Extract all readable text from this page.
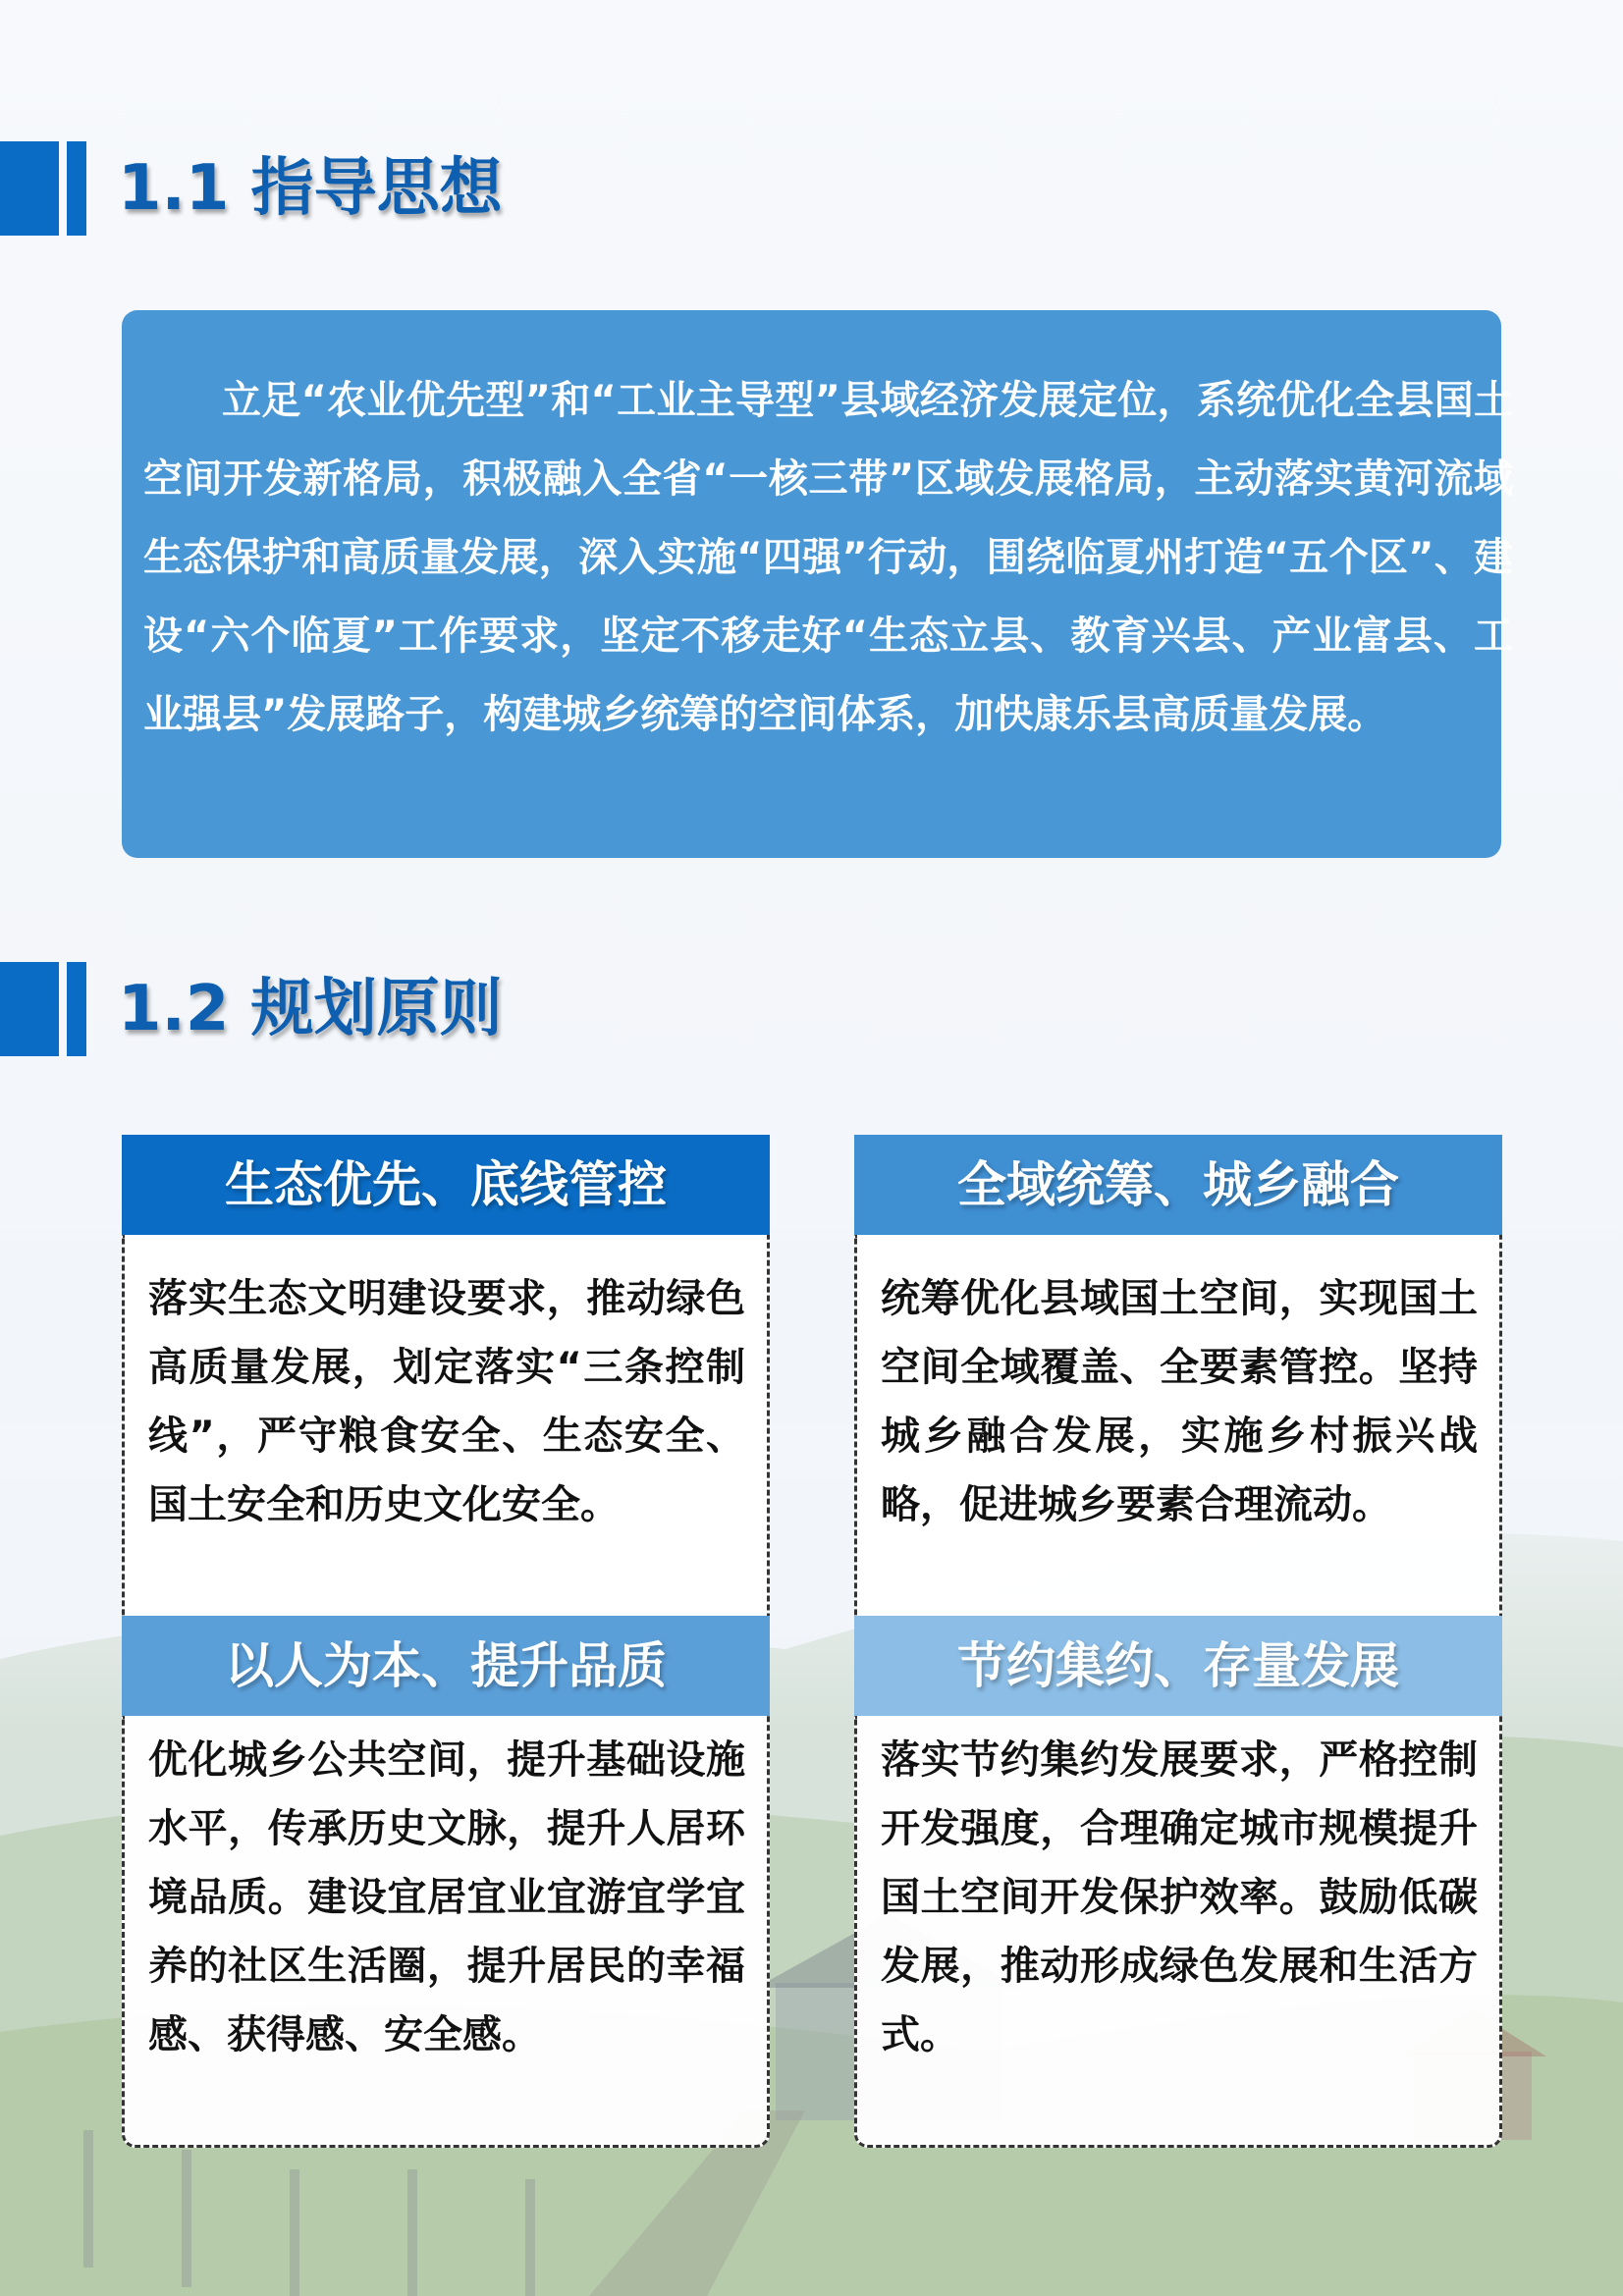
1.1 指导思想

立足“农业优先型”和“工业主导型”县域经济发展定位，系统优化全县国土空间开发新格局，积极融入全省“一核三带”区域发展格局，主动落实黄河流域生态保护和高质量发展，深入实施“四强”行动，围绕临夏州打造“五个区”、建设“六个临夏”工作要求，坚定不移走好“生态立县、教育兴县、产业富县、工业强县”发展路子，构建城乡统筹的空间体系，加快康乐县高质量发展。

1.2 规划原则
生态优先、底线管控

落实生态文明建设要求，推动绿色高质量发展，划定落实“三条控制线”，严守粮食安全、生态安全、国土安全和历史文化安全。

全域统筹、城乡融合

统筹优化县域国土空间，实现国土空间全域覆盖、全要素管控。坚持城乡融合发展，实施乡村振兴战略，促进城乡要素合理流动。

以人为本、提升品质

优化城乡公共空间，提升基础设施水平，传承历史文脉，提升人居环境品质。建设宜居宜业宜游宜学宜养的社区生活圈，提升居民的幸福感、获得感、安全感。

节约集约、存量发展

落实节约集约发展要求，严格控制开发强度，合理确定城市规模提升国土空间开发保护效率。鼓励低碳发展，推动形成绿色发展和生活方式。
